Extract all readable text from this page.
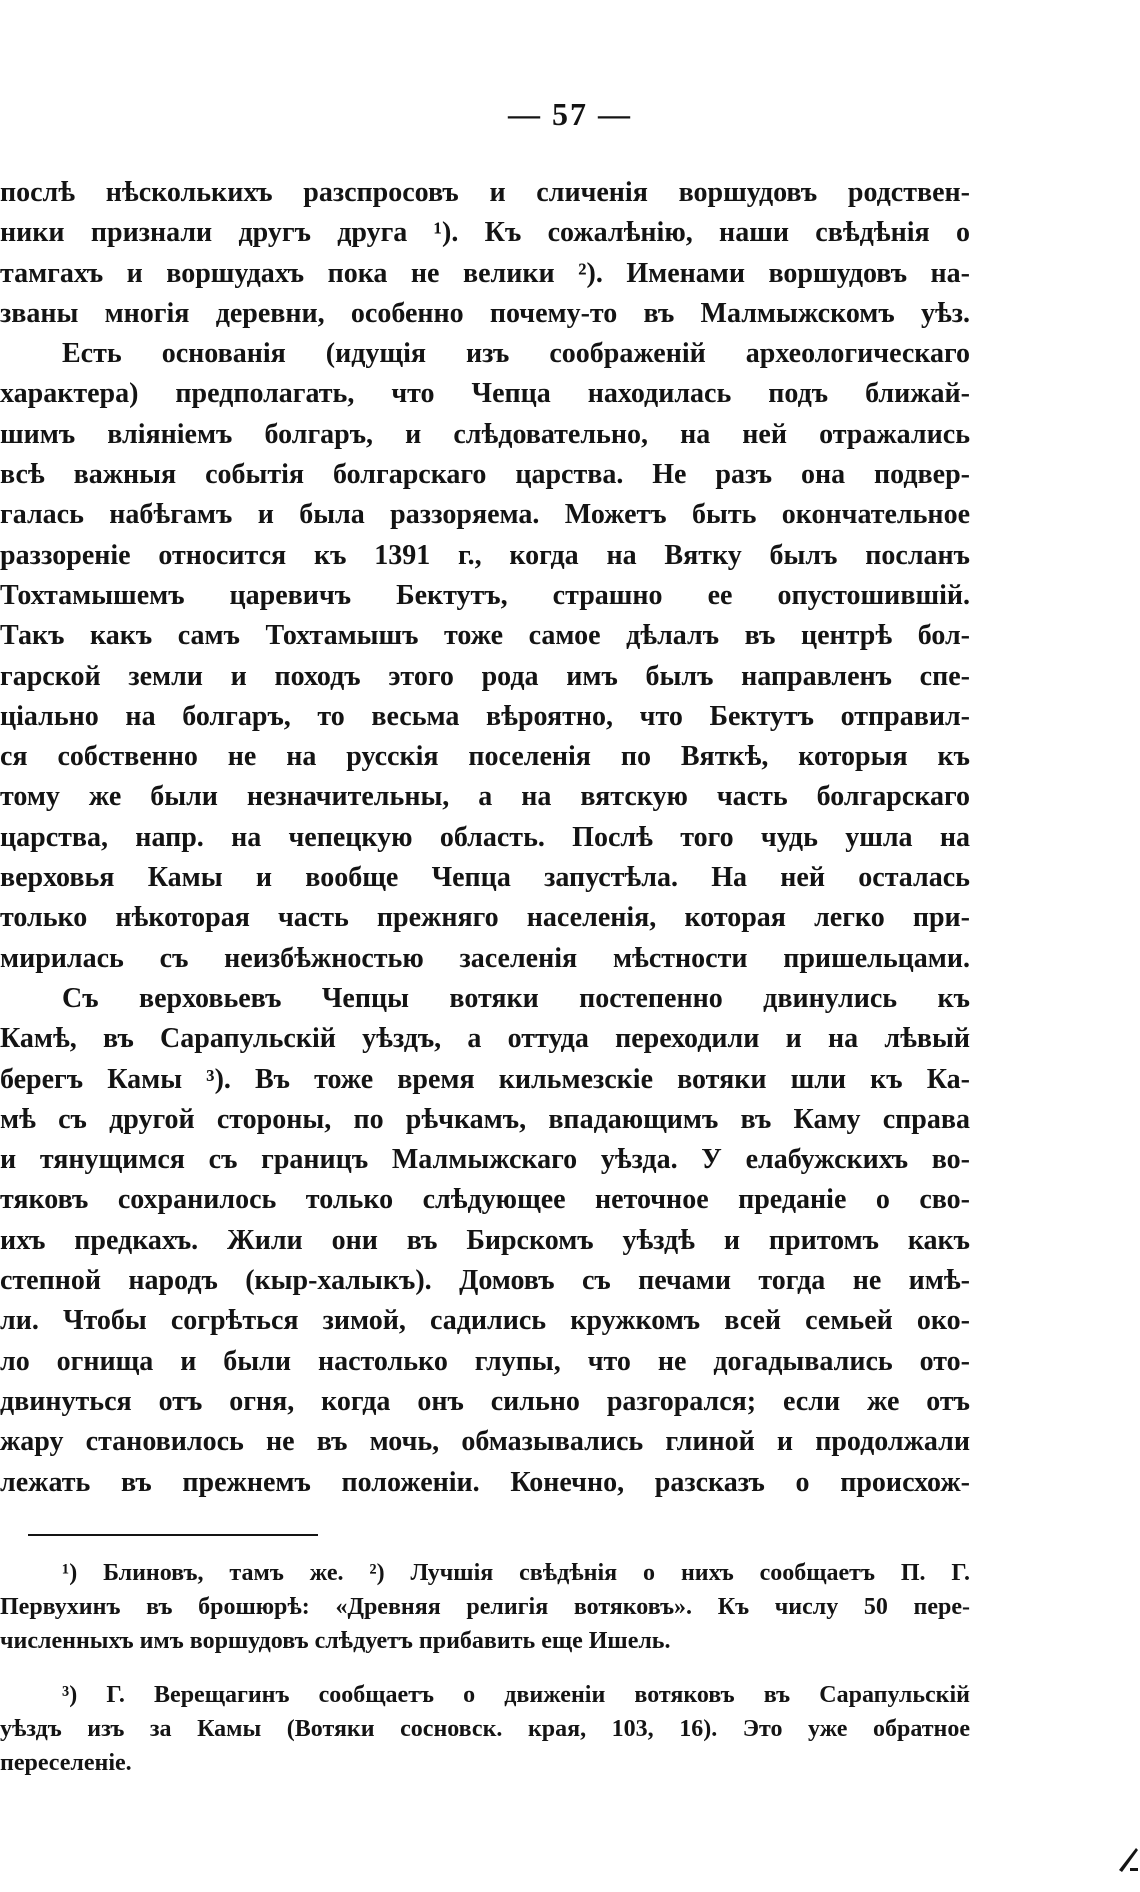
— 57 —
послѣ нѣсколькихъ разспросовъ и сличенія воршудовъ родствен-
ники признали другъ друга ¹). Къ сожалѣнію, наши свѣдѣнія о
тамгахъ и воршудахъ пока не велики ²). Именами воршудовъ на-
званы многія деревни, особенно почему-то въ Малмыжскомъ уѣз.
Есть основанія (идущія изъ соображеній археологическаго
характера) предполагать, что Чепца находилась подъ ближай-
шимъ вліяніемъ болгаръ, и слѣдовательно, на ней отражались
всѣ важныя событія болгарскаго царства. Не разъ она подвер-
галась набѣгамъ и была раззоряема. Можетъ быть окончательное
раззореніе относится къ 1391 г., когда на Вятку былъ посланъ
Тохтамышемъ царевичъ Бектутъ, страшно ее опустошившій.
Такъ какъ самъ Тохтамышъ тоже самое дѣлалъ въ центрѣ бол-
гарской земли и походъ этого рода имъ былъ направленъ спе-
ціально на болгаръ, то весьма вѣроятно, что Бектутъ отправил-
ся собственно не на русскія поселенія по Вяткѣ, которыя къ
тому же были незначительны, а на вятскую часть болгарскаго
царства, напр. на чепецкую область. Послѣ того чудь ушла на
верховья Камы и вообще Чепца запустѣла. На ней осталась
только нѣкоторая часть прежняго населенія, которая легко при-
мирилась съ неизбѣжностью заселенія мѣстности пришельцами.
Съ верховьевъ Чепцы вотяки постепенно двинулись къ
Камѣ, въ Сарапульскій уѣздъ, а оттуда переходили и на лѣвый
берегъ Камы ³). Въ тоже время кильмезскіе вотяки шли къ Ка-
мѣ съ другой стороны, по рѣчкамъ, впадающимъ въ Каму справа
и тянущимся съ границъ Малмыжскаго уѣзда. У елабужскихъ во-
тяковъ сохранилось только слѣдующее неточное преданіе о сво-
ихъ предкахъ. Жили они въ Бирскомъ уѣздѣ и притомъ какъ
степной народъ (кыр-халыкъ). Домовъ съ печами тогда не имѣ-
ли. Чтобы согрѣться зимой, садились кружкомъ всей семьей око-
ло огнища и были настолько глупы, что не догадывались ото-
двинуться отъ огня, когда онъ сильно разгорался; если же отъ
жару становилось не въ мочь, обмазывались глиной и продолжали
лежать въ прежнемъ положеніи. Конечно, разсказъ о происхож-
¹) Блиновъ, тамъ же. ²) Лучшія свѣдѣнія о нихъ сообщаетъ П. Г.
Первухинъ въ брошюрѣ: «Древняя религія вотяковъ». Къ числу 50 пере-
численныхъ имъ воршудовъ слѣдуетъ прибавить еще Ишель.
³) Г. Верещагинъ сообщаетъ о движеніи вотяковъ въ Сарапульскій
уѣздъ изъ за Камы (Вотяки сосновск. края, 103, 16). Это уже обратное
переселеніе.
